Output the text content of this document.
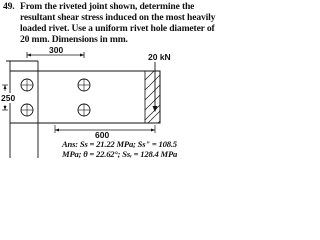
49. From the riveted joint shown, determine the
resultant shear stress induced on the most heavily
loaded rivet. Use a uniform rivet hole diameter of
20 mm. Dimensions in mm.
300
20 kN
250
600
Ans: Ss = 21.22 MPa; Ss" = 108.5
MPa; θ = 22.62°; Ssᵣ = 128.4 MPa
